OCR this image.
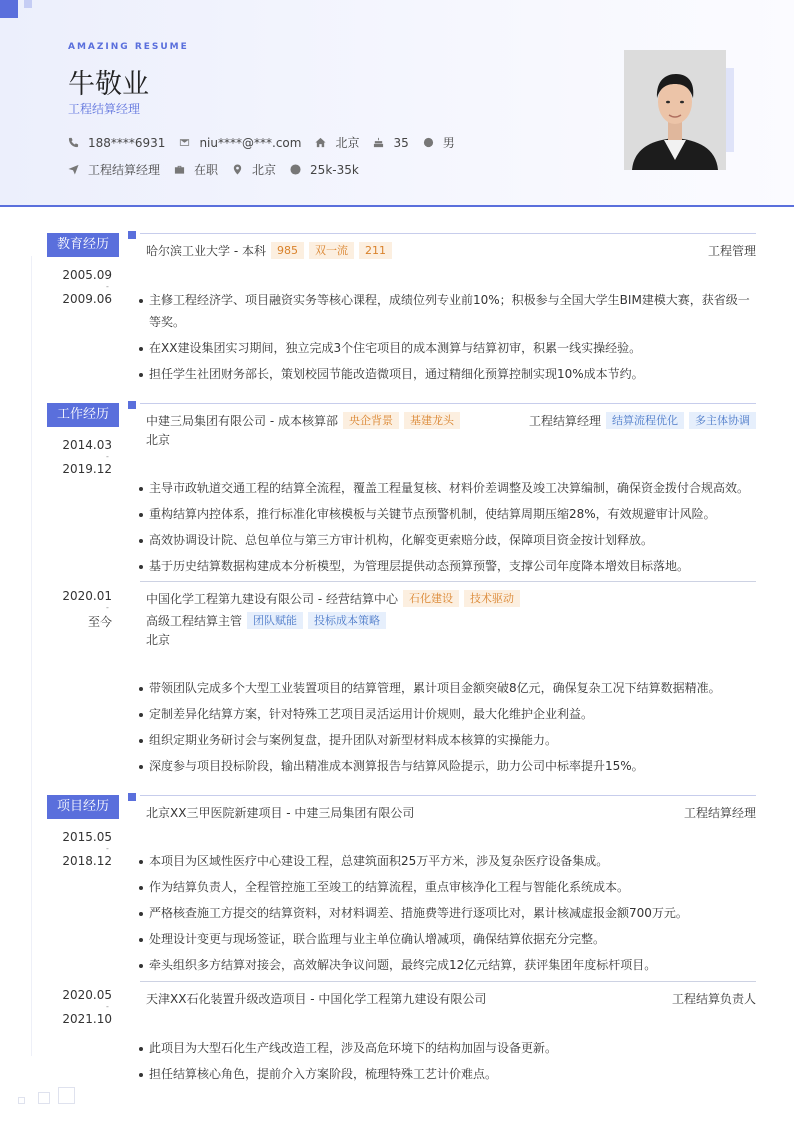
AMAZING RESUME
牛敬业
工程结算经理
188****6931	niu****@***.com	北京	35	男
工程结算经理	在职	北京	25k-35k
教育经历
2005.09
-
2009.06
哈尔滨工业大学 - 本科	985	双一流	211	工程管理
主修工程经济学、项目融资实务等核心课程，成绩位列专业前10%；积极参与全国大学生BIM建模大赛，获省级一等奖。
在XX建设集团实习期间，独立完成3个住宅项目的成本测算与结算初审，积累一线实操经验。
担任学生社团财务部长，策划校园节能改造微项目，通过精细化预算控制实现10%成本节约。
工作经历
2014.03
-
2019.12
中建三局集团有限公司 - 成本核算部	央企背景	基建龙头	工程结算经理	结算流程优化	多主体协调
北京
主导市政轨道交通工程的结算全流程，覆盖工程量复核、材料价差调整及竣工决算编制，确保资金拨付合规高效。
重构结算内控体系，推行标准化审核模板与关键节点预警机制，使结算周期压缩28%，有效规避审计风险。
高效协调设计院、总包单位与第三方审计机构，化解变更索赔分歧，保障项目资金按计划释放。
基于历史结算数据构建成本分析模型，为管理层提供动态预算预警，支撑公司年度降本增效目标落地。
2020.01
-
至今
中国化学工程第九建设有限公司 - 经营结算中心	石化建设	技术驱动
高级工程结算主管	团队赋能	投标成本策略
北京
带领团队完成多个大型工业装置项目的结算管理，累计项目金额突破8亿元，确保复杂工况下结算数据精准。
定制差异化结算方案，针对特殊工艺项目灵活运用计价规则，最大化维护企业利益。
组织定期业务研讨会与案例复盘，提升团队对新型材料成本核算的实操能力。
深度参与项目投标阶段，输出精准成本测算报告与结算风险提示，助力公司中标率提升15%。
项目经历
2015.05
-
2018.12
北京XX三甲医院新建项目 - 中建三局集团有限公司	工程结算经理
本项目为区域性医疗中心建设工程，总建筑面积25万平方米，涉及复杂医疗设备集成。
作为结算负责人，全程管控施工至竣工的结算流程，重点审核净化工程与智能化系统成本。
严格核查施工方提交的结算资料，对材料调差、措施费等进行逐项比对，累计核减虚报金额700万元。
处理设计变更与现场签证，联合监理与业主单位确认增减项，确保结算依据充分完整。
牵头组织多方结算对接会，高效解决争议问题，最终完成12亿元结算，获评集团年度标杆项目。
2020.05
-
2021.10
天津XX石化装置升级改造项目 - 中国化学工程第九建设有限公司	工程结算负责人
此项目为大型石化生产线改造工程，涉及高危环境下的结构加固与设备更新。
担任结算核心角色，提前介入方案阶段，梳理特殊工艺计价难点。
